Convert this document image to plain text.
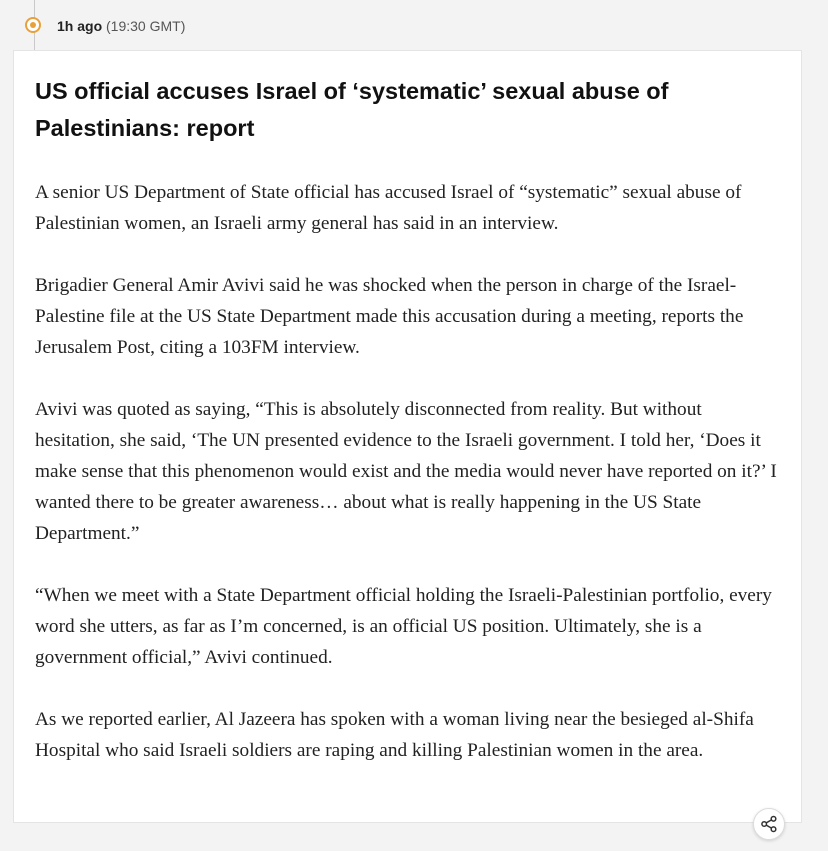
1h ago (19:30 GMT)
US official accuses Israel of ‘systematic’ sexual abuse of Palestinians: report

A senior US Department of State official has accused Israel of “systematic” sexual abuse of Palestinian women, an Israeli army general has said in an interview.

Brigadier General Amir Avivi said he was shocked when the person in charge of the Israel-Palestine file at the US State Department made this accusation during a meeting, reports the Jerusalem Post, citing a 103FM interview.

Avivi was quoted as saying, “This is absolutely disconnected from reality. But without hesitation, she said, ‘The UN presented evidence to the Israeli government. I told her, ‘Does it make sense that this phenomenon would exist and the media would never have reported on it?’ I wanted there to be greater awareness… about what is really happening in the US State Department.”

“When we meet with a State Department official holding the Israeli-Palestinian portfolio, every word she utters, as far as I’m concerned, is an official US position. Ultimately, she is a government official,” Avivi continued.

As we reported earlier, Al Jazeera has spoken with a woman living near the besieged al-Shifa Hospital who said Israeli soldiers are raping and killing Palestinian women in the area.
